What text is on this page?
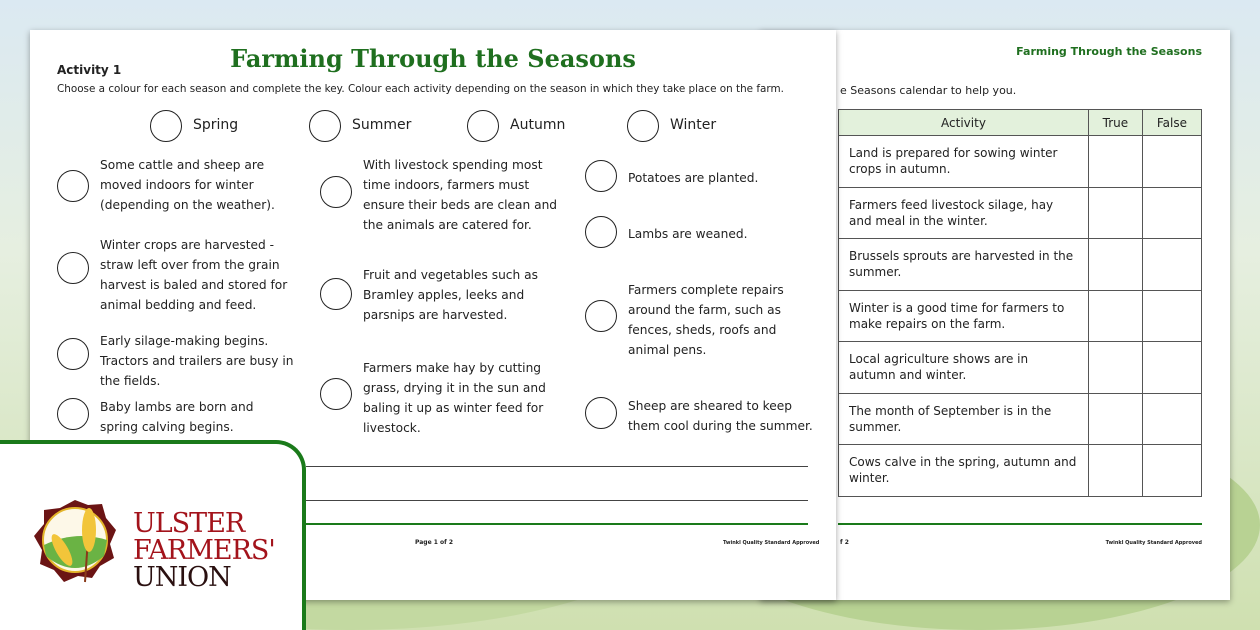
Farming Through the Seasons
e Seasons calendar to help you.
Activity	True	False
Land is prepared for sowing winter crops in autumn.		
Farmers feed livestock silage, hay and meal in the winter.		
Brussels sprouts are harvested in the summer.		
Winter is a good time for farmers to make repairs on the farm.		
Local agriculture shows are in autumn and winter.		
The month of September is in the summer.		
Cows calve in the spring, autumn and winter.		
f 2	Twinkl Quality Standard Approved
Farming Through the Seasons
Activity 1
Choose a colour for each season and complete the key. Colour each activity depending on the season in which they take place on the farm.
Spring	Summer	Autumn	Winter
Some cattle and sheep are moved indoors for winter (depending on the weather).
Winter crops are harvested - straw left over from the grain harvest is baled and stored for animal bedding and feed.
Early silage-making begins. Tractors and trailers are busy in the fields.
Baby lambs are born and spring calving begins.
With livestock spending most time indoors, farmers must ensure their beds are clean and the animals are catered for.
Fruit and vegetables such as Bramley apples, leeks and parsnips are harvested.
Farmers make hay by cutting grass, drying it in the sun and baling it up as winter feed for livestock.
Potatoes are planted.
Lambs are weaned.
Farmers complete repairs around the farm, such as fences, sheds, roofs and animal pens.
Sheep are sheared to keep them cool during the summer.
Page 1 of 2	Twinkl Quality Standard Approved
ULSTER
FARMERS'
UNION
